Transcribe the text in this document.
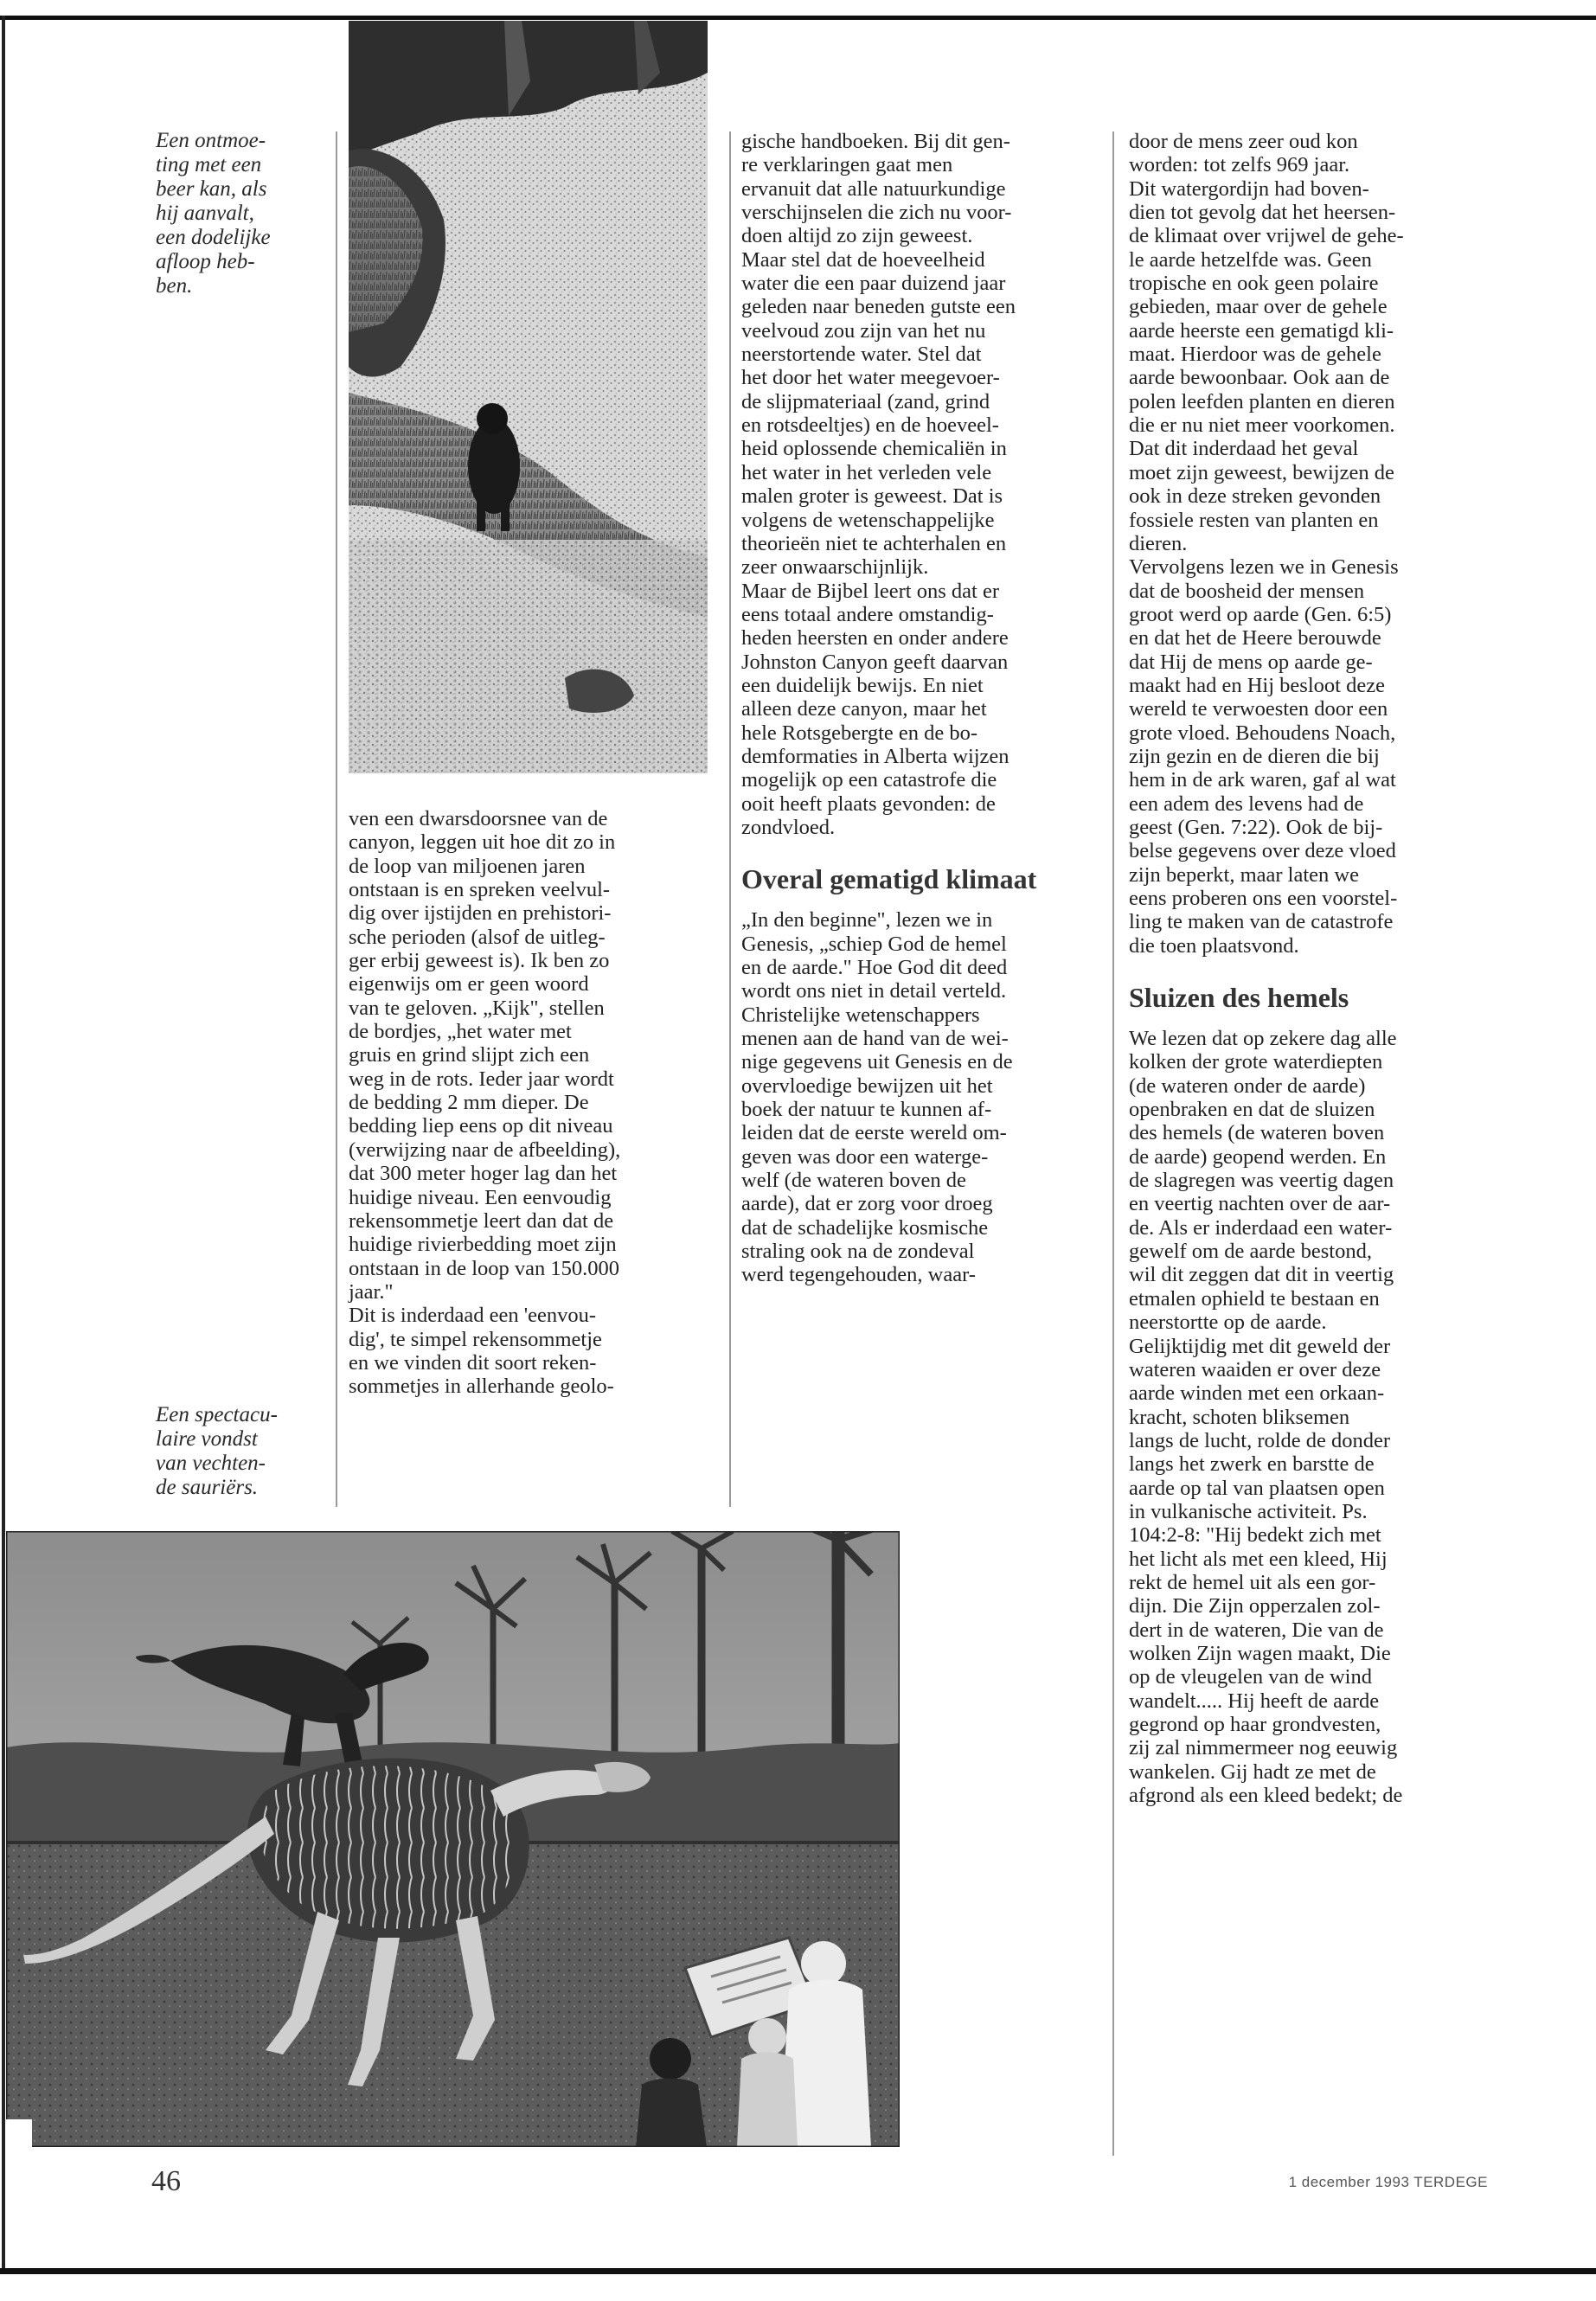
Een ontmoe-
ting met een
beer kan, als
hij aanvalt,
een dodelijke
afloop heb-
ben.
Een spectacu-
laire vondst
van vechten-
de sauriërs.
ven een dwarsdoorsnee van de
canyon, leggen uit hoe dit zo in
de loop van miljoenen jaren
ontstaan is en spreken veelvul-
dig over ijstijden en prehistori-
sche perioden (alsof de uitleg-
ger erbij geweest is). Ik ben zo
eigenwijs om er geen woord
van te geloven. „Kijk", stellen
de bordjes, „het water met
gruis en grind slijpt zich een
weg in de rots. Ieder jaar wordt
de bedding 2 mm dieper. De
bedding liep eens op dit niveau
(verwijzing naar de afbeelding),
dat 300 meter hoger lag dan het
huidige niveau. Een eenvoudig
rekensommetje leert dan dat de
huidige rivierbedding moet zijn
ontstaan in de loop van 150.000
jaar."
Dit is inderdaad een 'eenvou-
dig', te simpel rekensommetje
en we vinden dit soort reken-
sommetjes in allerhande geolo-
gische handboeken. Bij dit gen-
re verklaringen gaat men
ervanuit dat alle natuurkundige
verschijnselen die zich nu voor-
doen altijd zo zijn geweest.
Maar stel dat de hoeveelheid
water die een paar duizend jaar
geleden naar beneden gutste een
veelvoud zou zijn van het nu
neerstortende water. Stel dat
het door het water meegevoer-
de slijpmateriaal (zand, grind
en rotsdeeltjes) en de hoeveel-
heid oplossende chemicaliën in
het water in het verleden vele
malen groter is geweest. Dat is
volgens de wetenschappelijke
theorieën niet te achterhalen en
zeer onwaarschijnlijk.
Maar de Bijbel leert ons dat er
eens totaal andere omstandig-
heden heersten en onder andere
Johnston Canyon geeft daarvan
een duidelijk bewijs. En niet
alleen deze canyon, maar het
hele Rotsgebergte en de bo-
demformaties in Alberta wijzen
mogelijk op een catastrofe die
ooit heeft plaats gevonden: de
zondvloed.
Overal gematigd klimaat
„In den beginne", lezen we in
Genesis, „schiep God de hemel
en de aarde." Hoe God dit deed
wordt ons niet in detail verteld.
Christelijke wetenschappers
menen aan de hand van de wei-
nige gegevens uit Genesis en de
overvloedige bewijzen uit het
boek der natuur te kunnen af-
leiden dat de eerste wereld om-
geven was door een waterge-
welf (de wateren boven de
aarde), dat er zorg voor droeg
dat de schadelijke kosmische
straling ook na de zondeval
werd tegengehouden, waar-
door de mens zeer oud kon
worden: tot zelfs 969 jaar.
Dit watergordijn had boven-
dien tot gevolg dat het heersen-
de klimaat over vrijwel de gehe-
le aarde hetzelfde was. Geen
tropische en ook geen polaire
gebieden, maar over de gehele
aarde heerste een gematigd kli-
maat. Hierdoor was de gehele
aarde bewoonbaar. Ook aan de
polen leefden planten en dieren
die er nu niet meer voorkomen.
Dat dit inderdaad het geval
moet zijn geweest, bewijzen de
ook in deze streken gevonden
fossiele resten van planten en
dieren.
Vervolgens lezen we in Genesis
dat de boosheid der mensen
groot werd op aarde (Gen. 6:5)
en dat het de Heere berouwde
dat Hij de mens op aarde ge-
maakt had en Hij besloot deze
wereld te verwoesten door een
grote vloed. Behoudens Noach,
zijn gezin en de dieren die bij
hem in de ark waren, gaf al wat
een adem des levens had de
geest (Gen. 7:22). Ook de bij-
belse gegevens over deze vloed
zijn beperkt, maar laten we
eens proberen ons een voorstel-
ling te maken van de catastrofe
die toen plaatsvond.
Sluizen des hemels
We lezen dat op zekere dag alle
kolken der grote waterdiepten
(de wateren onder de aarde)
openbraken en dat de sluizen
des hemels (de wateren boven
de aarde) geopend werden. En
de slagregen was veertig dagen
en veertig nachten over de aar-
de. Als er inderdaad een water-
gewelf om de aarde bestond,
wil dit zeggen dat dit in veertig
etmalen ophield te bestaan en
neerstortte op de aarde.
Gelijktijdig met dit geweld der
wateren waaiden er over deze
aarde winden met een orkaan-
kracht, schoten bliksemen
langs de lucht, rolde de donder
langs het zwerk en barstte de
aarde op tal van plaatsen open
in vulkanische activiteit. Ps.
104:2-8: "Hij bedekt zich met
het licht als met een kleed, Hij
rekt de hemel uit als een gor-
dijn. Die Zijn opperzalen zol-
dert in de wateren, Die van de
wolken Zijn wagen maakt, Die
op de vleugelen van de wind
wandelt..... Hij heeft de aarde
gegrond op haar grondvesten,
zij zal nimmermeer nog eeuwig
wankelen. Gij hadt ze met de
afgrond als een kleed bedekt; de
46	1 december 1993 TERDEGE
